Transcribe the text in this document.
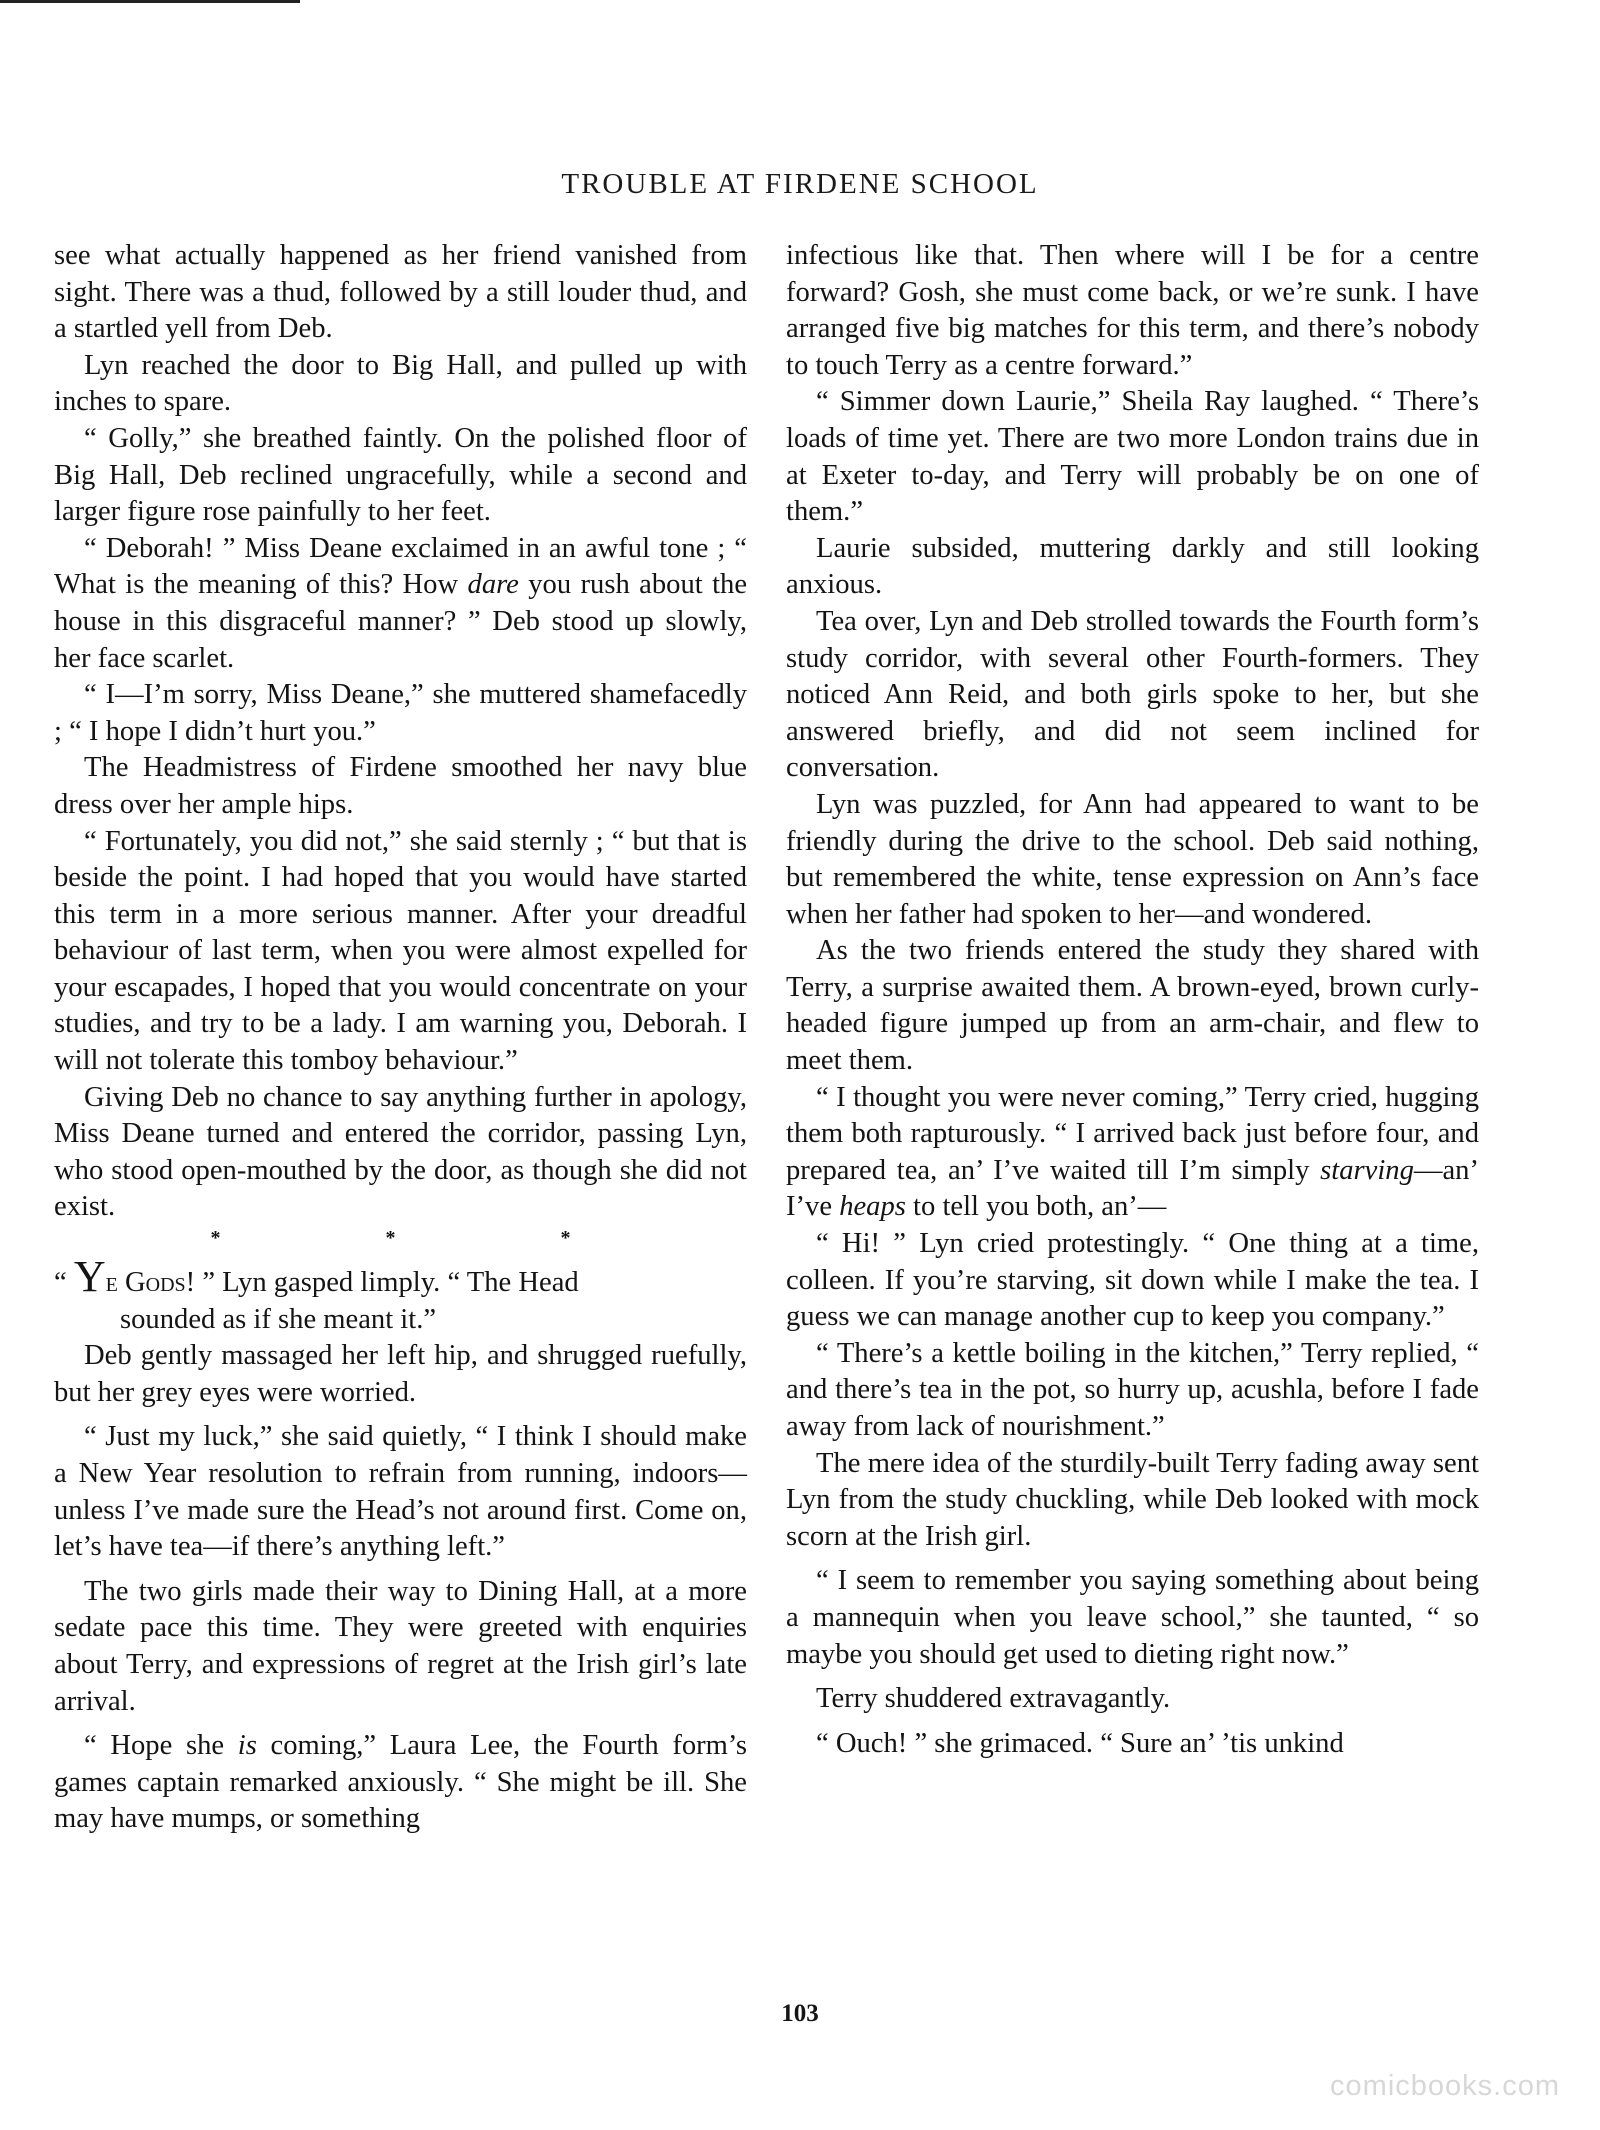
TROUBLE AT FIRDENE SCHOOL

see what actually happened as her friend vanished from sight. There was a thud, followed by a still louder thud, and a startled yell from Deb.

Lyn reached the door to Big Hall, and pulled up with inches to spare.

“ Golly,” she breathed faintly. On the polished floor of Big Hall, Deb reclined ungracefully, while a second and larger figure rose painfully to her feet.

“ Deborah! ” Miss Deane exclaimed in an awful tone ; “ What is the meaning of this? How dare you rush about the house in this disgraceful manner? ” Deb stood up slowly, her face scarlet.

“ I—I’m sorry, Miss Deane,” she muttered shamefacedly ; “ I hope I didn’t hurt you.”

The Headmistress of Firdene smoothed her navy blue dress over her ample hips.

“ Fortunately, you did not,” she said sternly ; “ but that is beside the point. I had hoped that you would have started this term in a more serious manner. After your dreadful behaviour of last term, when you were almost expelled for your escapades, I hoped that you would concentrate on your studies, and try to be a lady. I am warning you, Deborah. I will not tolerate this tomboy behaviour.”

Giving Deb no chance to say anything further in apology, Miss Deane turned and entered the corridor, passing Lyn, who stood open-mouthed by the door, as though she did not exist.

* * *

“ Ye Gods! ” Lyn gasped limply. “ The Head
sounded as if she meant it.”

Deb gently massaged her left hip, and shrugged ruefully, but her grey eyes were worried.

“ Just my luck,” she said quietly, “ I think I should make a New Year resolution to refrain from running, indoors—unless I’ve made sure the Head’s not around first. Come on, let’s have tea—if there’s anything left.”

The two girls made their way to Dining Hall, at a more sedate pace this time. They were greeted with enquiries about Terry, and expressions of regret at the Irish girl’s late arrival.

“ Hope she is coming,” Laura Lee, the Fourth form’s games captain remarked anxiously. “ She might be ill. She may have mumps, or something

infectious like that. Then where will I be for a centre forward? Gosh, she must come back, or we’re sunk. I have arranged five big matches for this term, and there’s nobody to touch Terry as a centre forward.”

“ Simmer down Laurie,” Sheila Ray laughed. “ There’s loads of time yet. There are two more London trains due in at Exeter to-day, and Terry will probably be on one of them.”

Laurie subsided, muttering darkly and still looking anxious.

Tea over, Lyn and Deb strolled towards the Fourth form’s study corridor, with several other Fourth-formers. They noticed Ann Reid, and both girls spoke to her, but she answered briefly, and did not seem inclined for conversation.

Lyn was puzzled, for Ann had appeared to want to be friendly during the drive to the school. Deb said nothing, but remembered the white, tense expression on Ann’s face when her father had spoken to her—and wondered.

As the two friends entered the study they shared with Terry, a surprise awaited them. A brown-eyed, brown curly-headed figure jumped up from an arm-chair, and flew to meet them.

“ I thought you were never coming,” Terry cried, hugging them both rapturously. “ I arrived back just before four, and prepared tea, an’ I’ve waited till I’m simply starving—an’ I’ve heaps to tell you both, an’—

“ Hi! ” Lyn cried protestingly. “ One thing at a time, colleen. If you’re starving, sit down while I make the tea. I guess we can manage another cup to keep you company.”

“ There’s a kettle boiling in the kitchen,” Terry replied, “ and there’s tea in the pot, so hurry up, acushla, before I fade away from lack of nourishment.”

The mere idea of the sturdily-built Terry fading away sent Lyn from the study chuckling, while Deb looked with mock scorn at the Irish girl.

“ I seem to remember you saying something about being a mannequin when you leave school,” she taunted, “ so maybe you should get used to dieting right now.”

Terry shuddered extravagantly.

“ Ouch! ” she grimaced. “ Sure an’ ’tis unkind

103
comicbooks.com
